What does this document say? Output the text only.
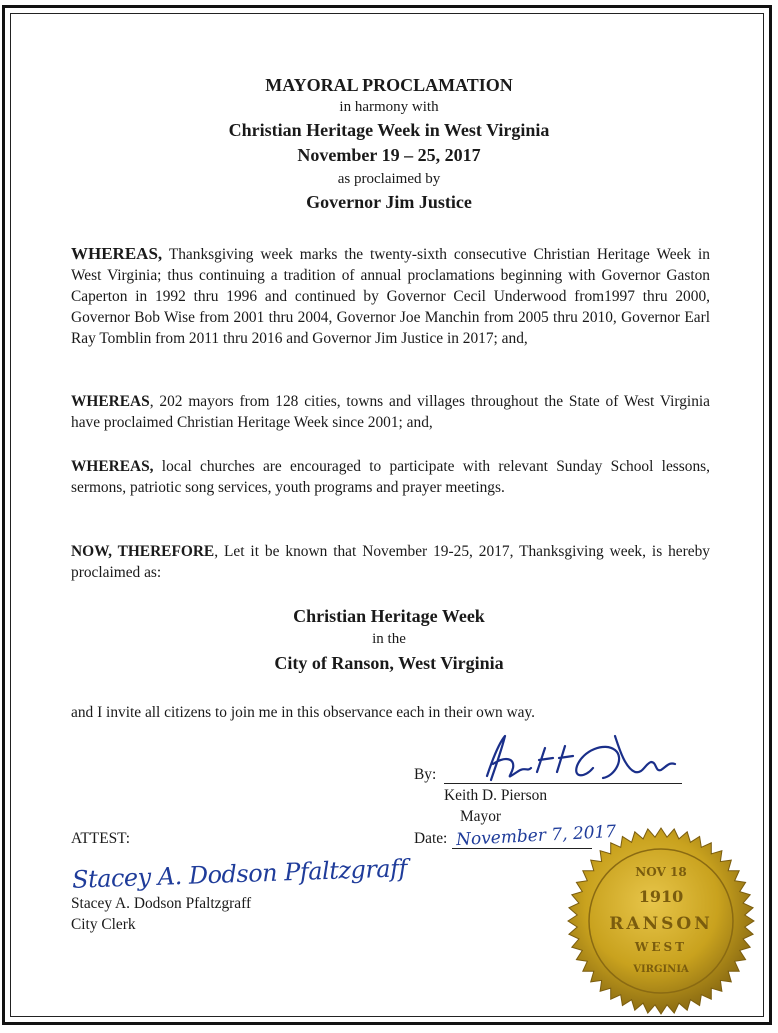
MAYORAL PROCLAMATION
in harmony with
Christian Heritage Week in West Virginia
November 19 – 25, 2017
as proclaimed by
Governor Jim Justice
WHEREAS, Thanksgiving week marks the twenty-sixth consecutive Christian Heritage Week in West Virginia; thus continuing a tradition of annual proclamations beginning with Governor Gaston Caperton in 1992 thru 1996 and continued by Governor Cecil Underwood from1997 thru 2000, Governor Bob Wise from 2001 thru 2004, Governor Joe Manchin from 2005 thru 2010, Governor Earl Ray Tomblin from 2011 thru 2016 and Governor Jim Justice in 2017; and,
WHEREAS, 202 mayors from 128 cities, towns and villages throughout the State of West Virginia have proclaimed Christian Heritage Week since 2001; and,
WHEREAS, local churches are encouraged to participate with relevant Sunday School lessons, sermons, patriotic song services, youth programs and prayer meetings.
NOW, THEREFORE, Let it be known that November 19-25, 2017, Thanksgiving week, is hereby proclaimed as:
Christian Heritage Week
in the
City of Ranson, West Virginia
and I invite all citizens to join me in this observance each in their own way.
By:
Keith D. Pierson
Mayor
Date: November 7, 2017
ATTEST:
Stacey A. Dodson Pfaltzgraff
Stacey A. Dodson Pfaltzgraff
City Clerk
NOV 18
1910
RANSON
WEST
VIRGINIA
